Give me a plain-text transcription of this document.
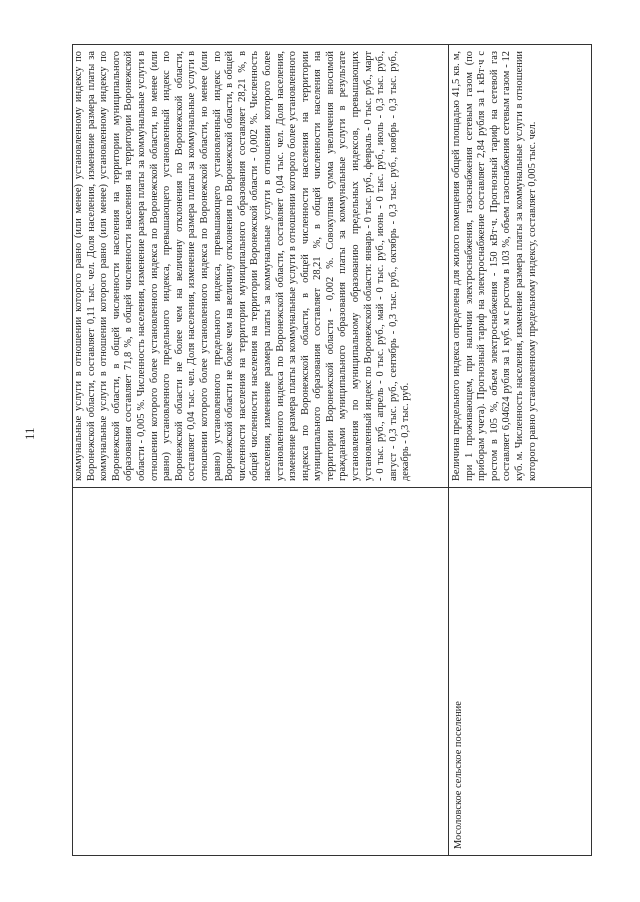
11	коммунальные услуги в отношении которого равно (или менее) установленному индексу по Воронежской области, составляет 0,11 тыс. чел. Доля населения, изменение размера платы за коммунальные услуги в отношении которого равно (или менее) установленному индексу по Воронежской области, в общей численности населения на территории муниципального образования составляет 71,8 %, в общей численности населения на территории Воронежской области - 0,005 %. Численность населения, изменение размера платы за коммунальные услуги в отношении которого более установленного индекса по Воронежской области, но менее (или равно) установленного предельного индекса, превышающего установленный индекс по Воронежской области не более чем на величину отклонения по Воронежской области, составляет 0,04 тыс. чел. Доля населения, изменение размера платы за коммунальные услуги в отношении которого более установленного индекса по Воронежской области, но менее (или равно) установленного предельного индекса, превышающего установленный индекс по Воронежской области не более чем на величину отклонения по Воронежской области, в общей численности населения на территории муниципального образования составляет 28,21 %, в общей численности населения на территории Воронежской области - 0,002 %. Численность населения, изменение размера платы за коммунальные услуги в отношении которого более установленного индекса по Воронежской области, составляет 0,04 тыс. чел. Доля населения, изменение размера платы за коммунальные услуги в отношении которого более установленного индекса по Воронежской области, в общей численности населения на территории муниципального образования составляет 28,21 %, в общей численности населения на территории Воронежской области - 0,002 %. Совокупная сумма увеличения вносимой гражданами муниципального образования платы за коммунальные услуги в результате установления по муниципальному образованию предельных индексов, превышающих установленный индекс по Воронежской области: январь - 0 тыс. руб., февраль - 0 тыс. руб., март - 0 тыс. руб., апрель - 0 тыс. руб., май - 0 тыс. руб., июнь - 0 тыс. руб., июль - 0,3 тыс. руб., август - 0,3 тыс. руб., сентябрь - 0,3 тыс. руб., октябрь - 0,3 тыс. руб., ноябрь - 0,3 тыс. руб., декабрь - 0,3 тыс. руб.
Мосоловское сельское поселение
Величина предельного индекса определена для жилого помещения общей площадью 41,5 кв. м, при 1 проживающем, при наличии электроснабжения, газоснабжения сетевым газом (по приборам учета). Прогнозный тариф на электроснабжение составляет 2,84 рубля за 1 кВт·ч с ростом в 105 %, объем электроснабжения - 150 кВт·ч. Прогнозный тариф на сетевой газ составляет 6,04624 рубля за 1 куб. м с ростом в 103 %, объем газоснабжения сетевым газом - 12 куб. м. Численность населения, изменение размера платы за коммунальные услуги в отношении которого равно установленному предельному индексу, составляет 0,005 тыс. чел.
